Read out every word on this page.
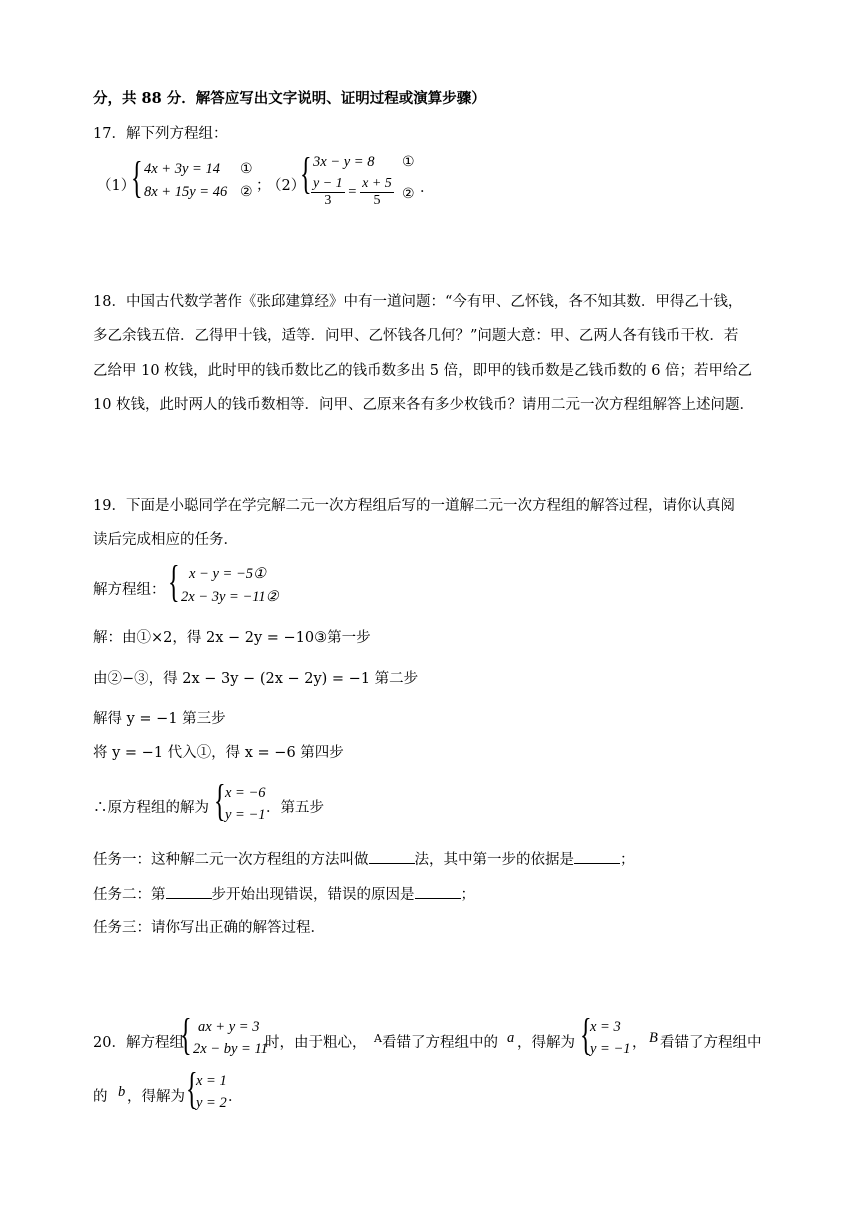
分，共 88 分．解答应写出文字说明、证明过程或演算步骤）
17．解下列方程组：
（1）
{ 4x + 3y = 14
8x + 15y = 46
①
② ；
（2）
{ 3x − y = 8
$\frac{y - 1}{3} = \frac{x + 5}{5}$
①
② ．
18．中国古代数学著作《张邱建算经》中有一道问题：“今有甲、乙怀钱，各不知其数．甲得乙十钱，
多乙余钱五倍．乙得甲十钱，适等．问甲、乙怀钱各几何？”问题大意：甲、乙两人各有钱币干枚．若
乙给甲 10 枚钱，此时甲的钱币数比乙的钱币数多出 5 倍，即甲的钱币数是乙钱币数的 6 倍；若甲给乙
10 枚钱，此时两人的钱币数相等．问甲、乙原来各有多少枚钱币？请用二元一次方程组解答上述问题．
19．下面是小聪同学在学完解二元一次方程组后写的一道解二元一次方程组的解答过程，请你认真阅
读后完成相应的任务．
解方程组： { x − y = −5①
2x − 3y = −11②
解：由①×2，得 2x − 2y = −10③第一步
由②−③，得 2x − 3y − (2x − 2y) = −1 第二步
解得 y = −1 第三步
将 y = −1 代入①，得 x = −6 第四步
∴原方程组的解为 { x = −6
y = −1 ．第五步
任务一：这种解二元一次方程组的方法叫做	法，其中第一步的依据是	；
任务二：第	步开始出现错误，错误的原因是	；
任务三：请你写出正确的解答过程．
20．解方程组
{ ax + y = 3
2x − by = 11
时，由于粗心， A 看错了方程组中的 a ，得解为 {
x = 3
y = −1 ， B 看错了方程组中
的 b ，得解为 {
x = 1
y = 2 ．
